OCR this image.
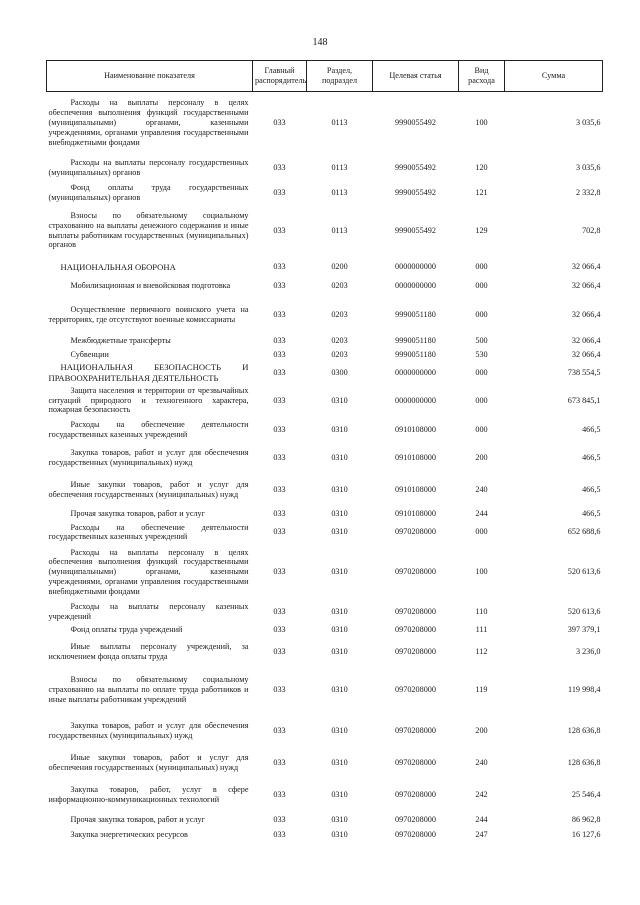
148
Наименование показателя	Главный распорядитель	Раздел, подраздел	Целевая статья	Вид расхода	Сумма

Расходы на выплаты персоналу в целях обеспечения выполнения функций государственными (муниципальными) органами, казенными учреждениями, органами управления государственными внебюджетными фондами	033	0113	9990055492	100	3 035,6

Расходы на выплаты персоналу государственных (муниципальных) органов	033	0113	9990055492	120	3 035,6

Фонд оплаты труда государственных (муниципальных) органов	033	0113	9990055492	121	2 332,8

Взносы по обязательному социальному страхованию на выплаты денежного содержания и иные выплаты работникам государственных (муниципальных) органов	033	0113	9990055492	129	702,8

НАЦИОНАЛЬНАЯ ОБОРОНА	033	0200	0000000000	000	32 066,4

Мобилизационная и вневойсковая подготовка	033	0203	0000000000	000	32 066,4

Осуществление первичного воинского учета на территориях, где отсутствуют военные комиссариаты	033	0203	9990051180	000	32 066,4

Межбюджетные трансферты	033	0203	9990051180	500	32 066,4

Субвенции	033	0203	9990051180	530	32 066,4

НАЦИОНАЛЬНАЯ БЕЗОПАСНОСТЬ И ПРАВООХРАНИТЕЛЬНАЯ ДЕЯТЕЛЬНОСТЬ	033	0300	0000000000	000	738 554,5

Защита населения и территории от чрезвычайных ситуаций природного и техногенного характера, пожарная безопасность	033	0310	0000000000	000	673 845,1

Расходы на обеспечение деятельности государственных казенных учреждений	033	0310	0910108000	000	466,5

Закупка товаров, работ и услуг для обеспечения государственных (муниципальных) нужд	033	0310	0910108000	200	466,5

Иные закупки товаров, работ и услуг для обеспечения государственных (муниципальных) нужд	033	0310	0910108000	240	466,5

Прочая закупка товаров, работ и услуг	033	0310	0910108000	244	466,5

Расходы на обеспечение деятельности государственных казенных учреждений	033	0310	0970208000	000	652 688,6

Расходы на выплаты персоналу в целях обеспечения выполнения функций государственными (муниципальными) органами, казенными учреждениями, органами управления государственными внебюджетными фондами	033	0310	0970208000	100	520 613,6

Расходы на выплаты персоналу казенных учреждений	033	0310	0970208000	110	520 613,6

Фонд оплаты труда учреждений	033	0310	0970208000	111	397 379,1

Иные выплаты персоналу учреждений, за исключением фонда оплаты труда	033	0310	0970208000	112	3 236,0

Взносы по обязательному социальному страхованию на выплаты по оплате труда работников и иные выплаты работникам учреждений	033	0310	0970208000	119	119 998,4

Закупка товаров, работ и услуг для обеспечения государственных (муниципальных) нужд	033	0310	0970208000	200	128 636,8

Иные закупки товаров, работ и услуг для обеспечения государственных (муниципальных) нужд	033	0310	0970208000	240	128 636,8

Закупка товаров, работ, услуг в сфере информационно-коммуникационных технологий	033	0310	0970208000	242	25 546,4

Прочая закупка товаров, работ и услуг	033	0310	0970208000	244	86 962,8

Закупка энергетических ресурсов	033	0310	0970208000	247	16 127,6
